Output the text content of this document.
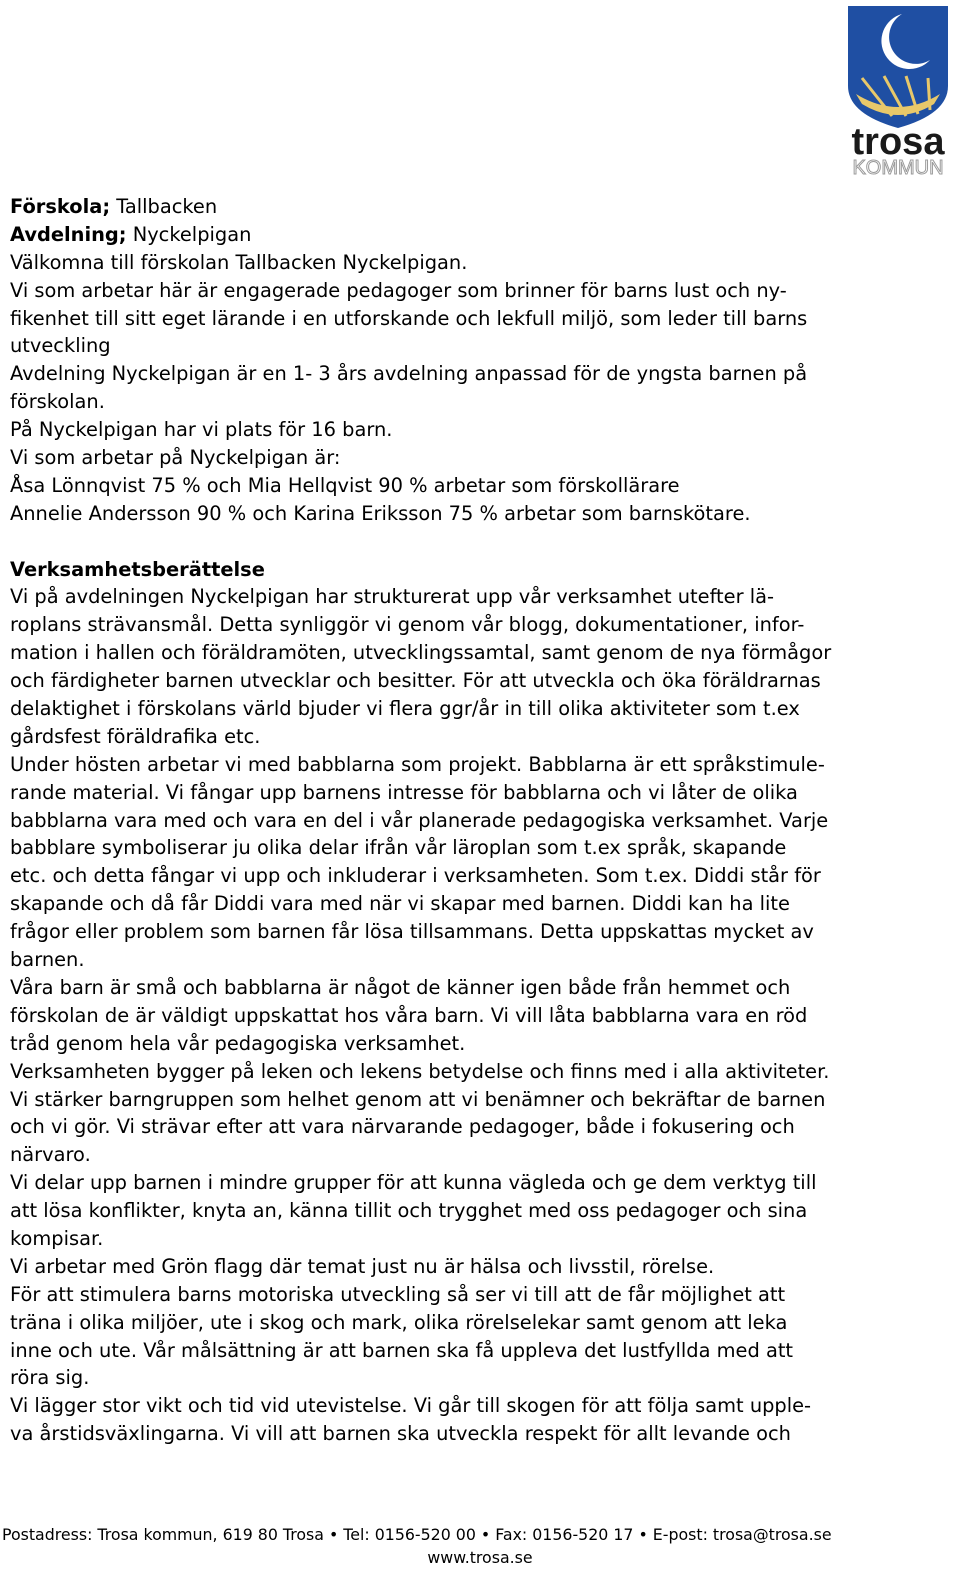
trosa
KOMMUN
Förskola; Tallbacken
Avdelning; Nyckelpigan
Välkomna till förskolan Tallbacken Nyckelpigan.
Vi som arbetar här är engagerade pedagoger som brinner för barns lust och ny-
fikenhet till sitt eget lärande i en utforskande och lekfull miljö, som leder till barns
utveckling
Avdelning Nyckelpigan är en 1- 3 års avdelning anpassad för de yngsta barnen på
förskolan.
På Nyckelpigan har vi plats för 16 barn.
Vi som arbetar på Nyckelpigan är:
Åsa Lönnqvist 75 % och Mia Hellqvist 90 % arbetar som förskollärare
Annelie Andersson 90 % och Karina Eriksson 75 % arbetar som barnskötare.
Verksamhetsberättelse
Vi på avdelningen Nyckelpigan har strukturerat upp vår verksamhet utefter lä-
roplans strävansmål. Detta synliggör vi genom vår blogg, dokumentationer, infor-
mation i hallen och föräldramöten, utvecklingssamtal, samt genom de nya förmågor
och färdigheter barnen utvecklar och besitter. För att utveckla och öka föräldrarnas
delaktighet i förskolans värld bjuder vi flera ggr/år in till olika aktiviteter som t.ex
gårdsfest föräldrafika etc.
Under hösten arbetar vi med babblarna som projekt. Babblarna är ett språkstimule-
rande material. Vi fångar upp barnens intresse för babblarna och vi låter de olika
babblarna vara med och vara en del i vår planerade pedagogiska verksamhet. Varje
babblare symboliserar ju olika delar ifrån vår läroplan som t.ex språk, skapande
etc. och detta fångar vi upp och inkluderar i verksamheten. Som t.ex. Diddi står för
skapande och då får Diddi vara med när vi skapar med barnen. Diddi kan ha lite
frågor eller problem som barnen får lösa tillsammans. Detta uppskattas mycket av
barnen.
Våra barn är små och babblarna är något de känner igen både från hemmet och
förskolan de är väldigt uppskattat hos våra barn. Vi vill låta babblarna vara en röd
tråd genom hela vår pedagogiska verksamhet.
Verksamheten bygger på leken och lekens betydelse och finns med i alla aktiviteter.
Vi stärker barngruppen som helhet genom att vi benämner och bekräftar de barnen
och vi gör. Vi strävar efter att vara närvarande pedagoger, både i fokusering och
närvaro.
Vi delar upp barnen i mindre grupper för att kunna vägleda och ge dem verktyg till
att lösa konflikter, knyta an, känna tillit och trygghet med oss pedagoger och sina
kompisar.
Vi arbetar med Grön flagg där temat just nu är hälsa och livsstil, rörelse.
För att stimulera barns motoriska utveckling så ser vi till att de får möjlighet att
träna i olika miljöer, ute i skog och mark, olika rörelselekar samt genom att leka
inne och ute. Vår målsättning är att barnen ska få uppleva det lustfyllda med att
röra sig.
Vi lägger stor vikt och tid vid utevistelse. Vi går till skogen för att följa samt upple-
va årstidsväxlingarna. Vi vill att barnen ska utveckla respekt för allt levande och
Postadress: Trosa kommun, 619 80 Trosa • Tel: 0156-520 00 • Fax: 0156-520 17 • E-post: trosa@trosa.se
www.trosa.se
